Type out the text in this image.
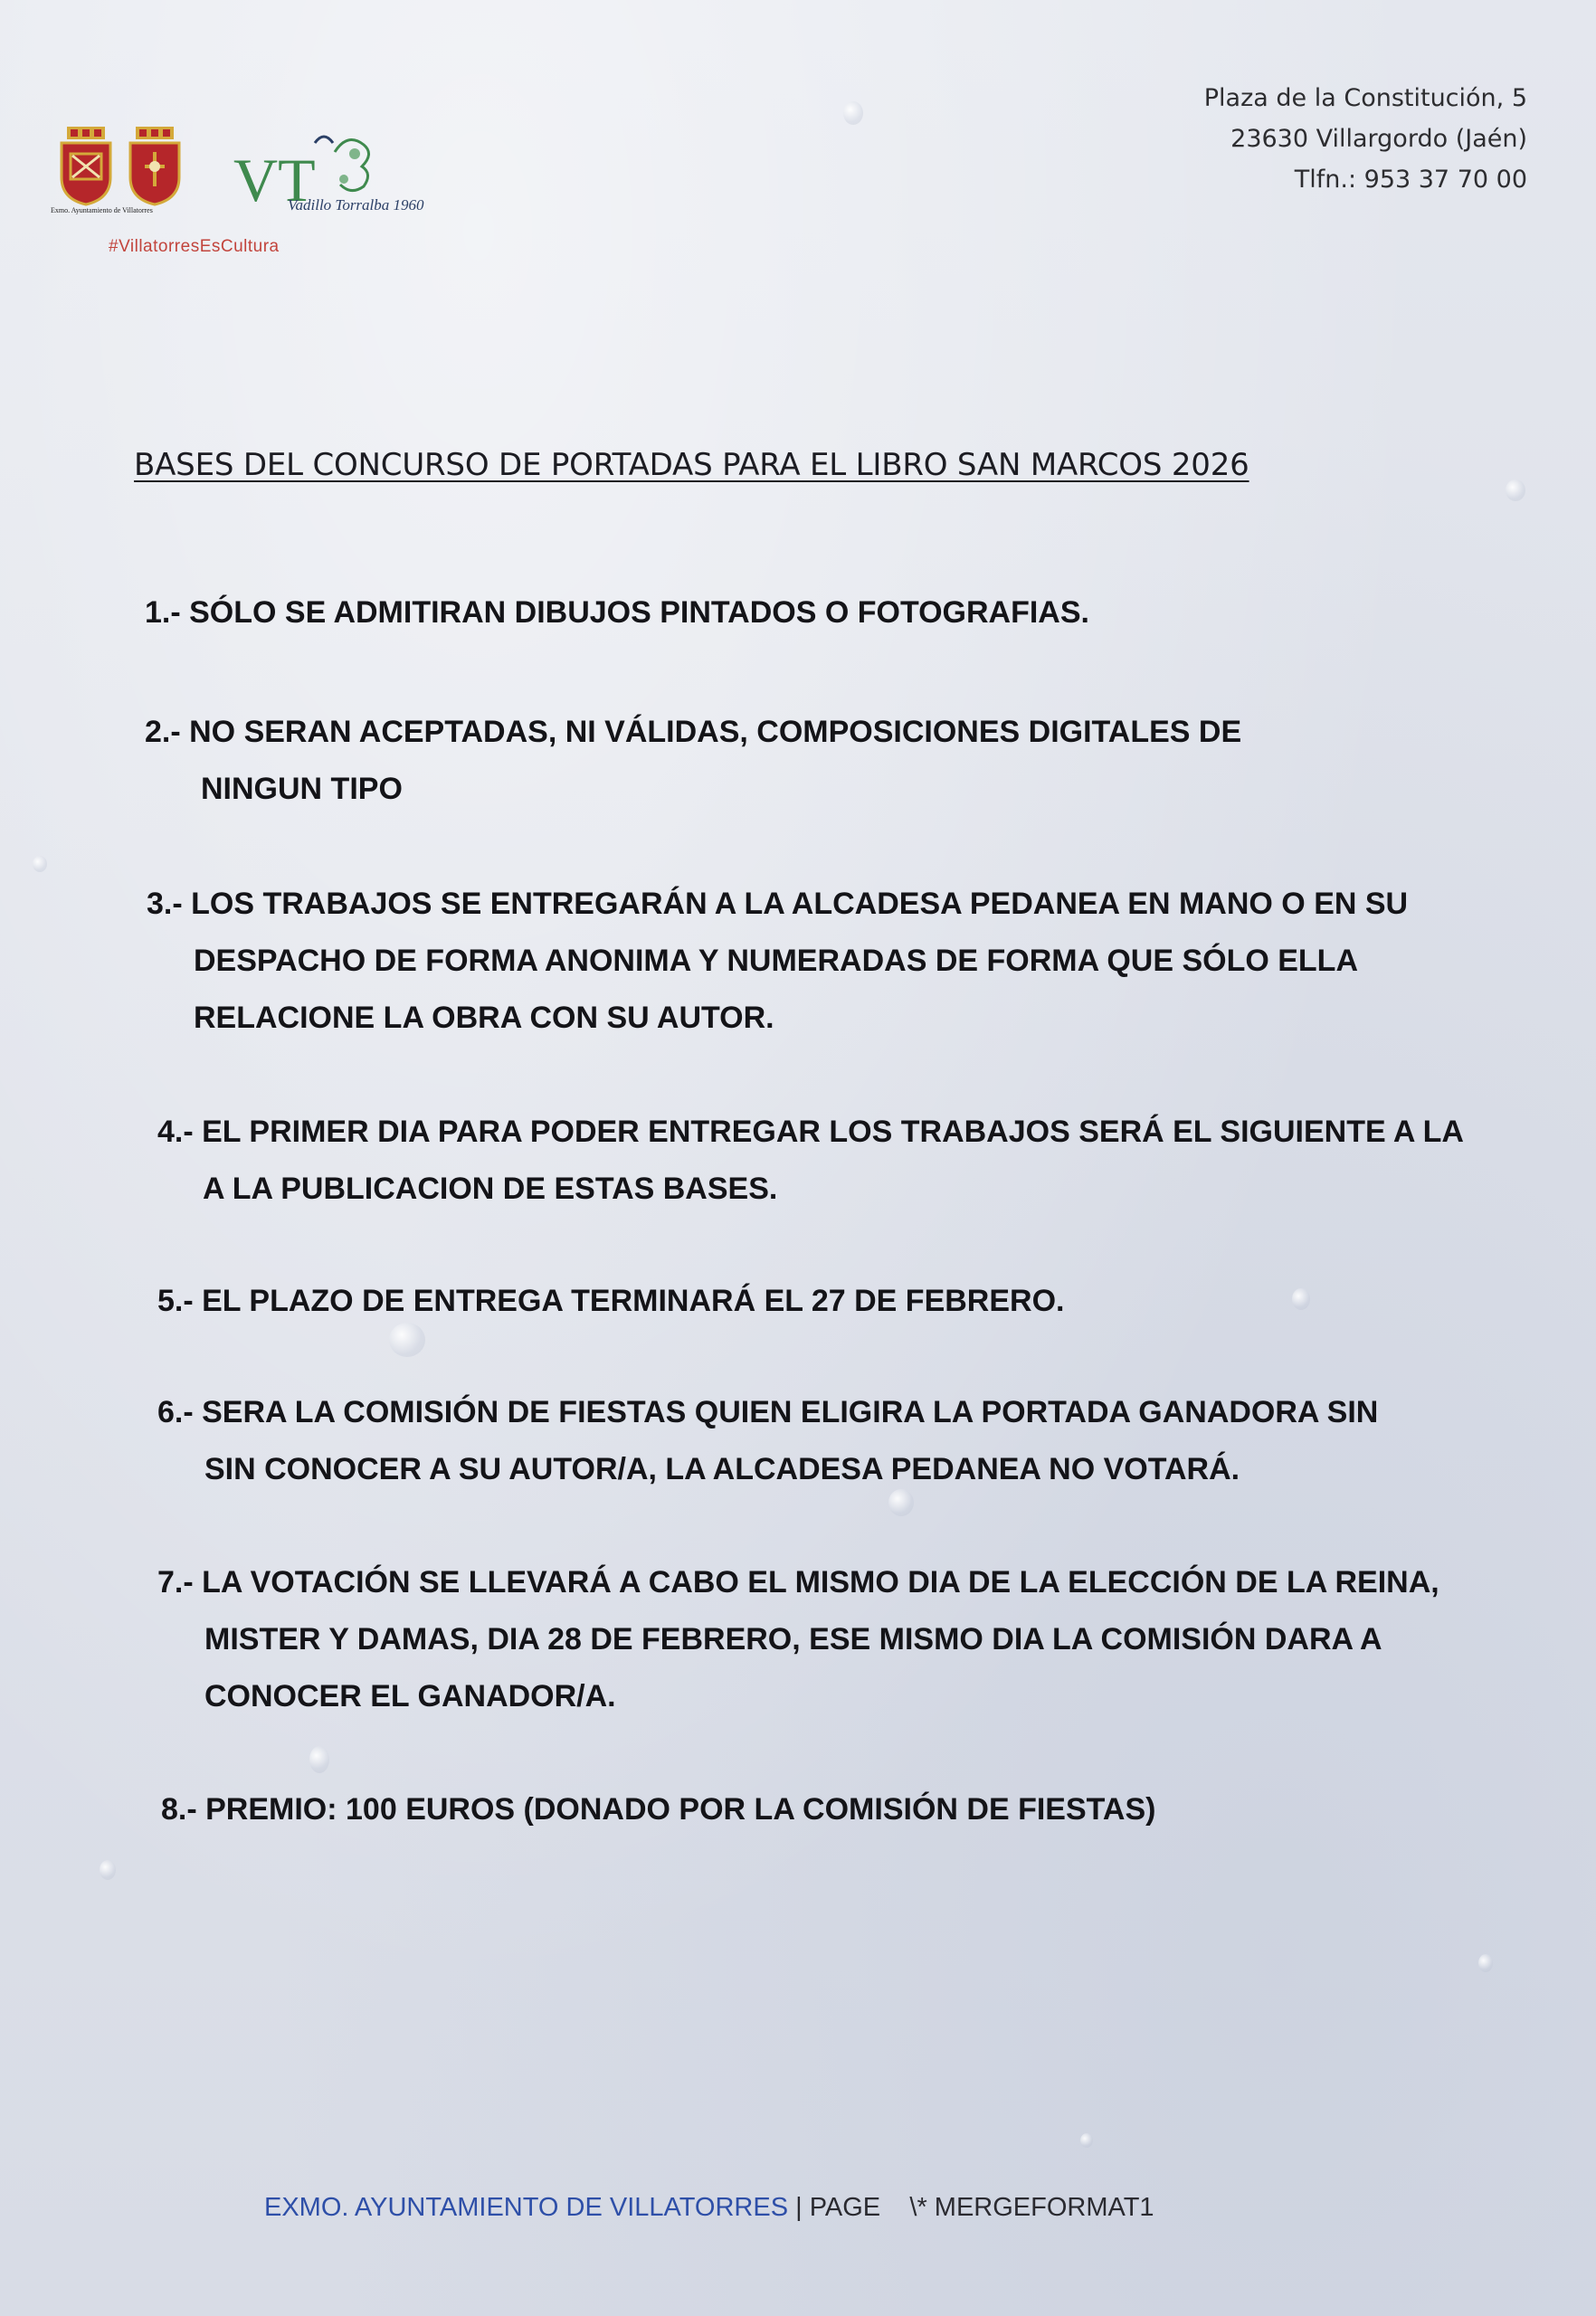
Exmo. Ayuntamiento de Villatorres	VT
Vadillo Torralba 1960
#VillatorresEsCultura
Plaza de la Constitución, 5
23630 Villargordo (Jaén)
Tlfn.: 953 37 70 00
BASES DEL CONCURSO DE PORTADAS PARA EL LIBRO SAN MARCOS 2026
1.- SÓLO SE ADMITIRAN DIBUJOS PINTADOS O FOTOGRAFIAS.
2.- NO SERAN ACEPTADAS, NI VÁLIDAS, COMPOSICIONES DIGITALES DE
NINGUN TIPO
3.- LOS TRABAJOS SE ENTREGARÁN A LA ALCADESA PEDANEA EN MANO O EN SU
DESPACHO DE FORMA ANONIMA Y NUMERADAS DE FORMA QUE SÓLO ELLA
RELACIONE LA OBRA CON SU AUTOR.
4.- EL PRIMER DIA PARA PODER ENTREGAR LOS TRABAJOS SERÁ EL SIGUIENTE A LA
A LA PUBLICACION DE ESTAS BASES.
5.- EL PLAZO DE ENTREGA TERMINARÁ EL 27 DE FEBRERO.
6.- SERA LA COMISIÓN DE FIESTAS QUIEN ELIGIRA LA PORTADA GANADORA SIN
SIN CONOCER A SU AUTOR/A, LA ALCADESA PEDANEA NO VOTARÁ.
7.- LA VOTACIÓN SE LLEVARÁ A CABO EL MISMO DIA DE LA ELECCIÓN DE LA REINA,
MISTER Y DAMAS, DIA 28 DE FEBRERO, ESE MISMO DIA LA COMISIÓN DARA A
CONOCER EL GANADOR/A.
8.- PREMIO: 100 EUROS (DONADO POR LA COMISIÓN DE FIESTAS)
EXMO. AYUNTAMIENTO DE VILLATORRES | PAGE \* MERGEFORMAT1
